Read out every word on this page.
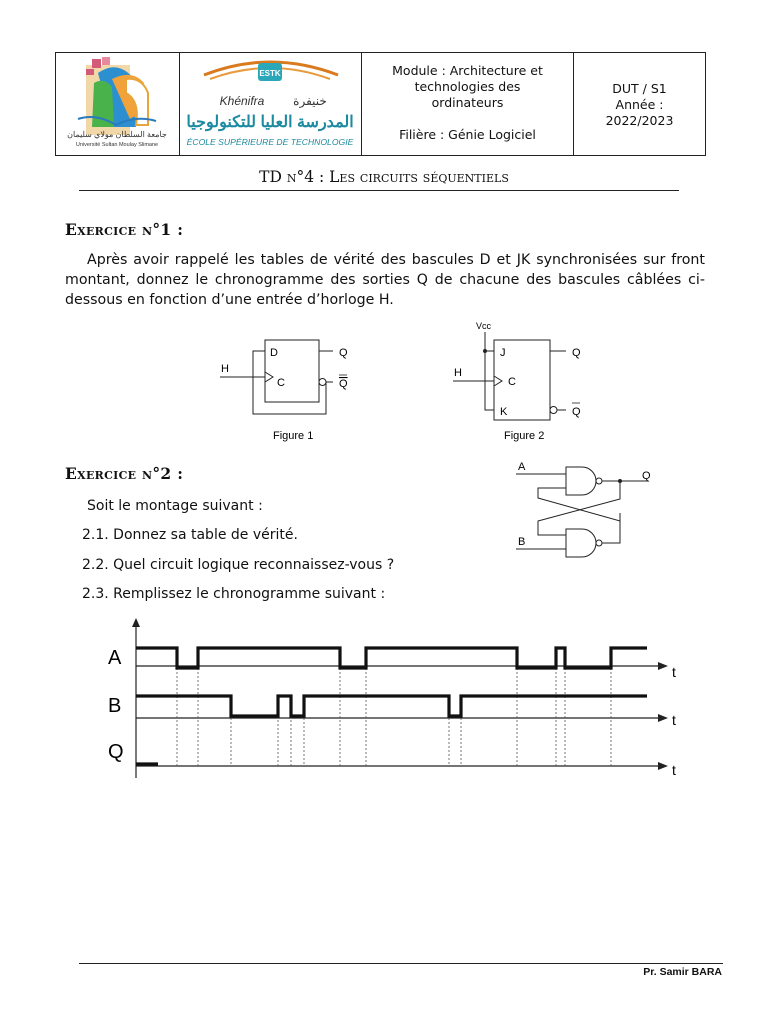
جامعة السلطان مولاي سليمان
Université Sultan Moulay Slimane
ESTK
Khénifra خنيفرة
المدرسة العليا للتكنولوجيا
ÉCOLE SUPÉRIEURE DE TECHNOLOGIE
Module : Architecture et
technologies des
ordinateurs
Filière : Génie Logiciel
DUT / S1
Année :
2022/2023
TD n°4 : Les circuits séquentiels
Exercice n°1 :
Après avoir rappelé les tables de vérité des bascules D et JK synchronisées sur front montant, donnez le chronogramme des sorties Q de chacune des bascules câblées ci-dessous en fonction d’une entrée d’horloge H.
D
C
Q
Q
H
Figure 1
Vcc
J
C
K
Q
Q
H
Figure 2
Exercice n°2 :
Soit le montage suivant :
2.1. Donnez sa table de vérité.
2.2. Quel circuit logique reconnaissez-vous ?
2.3. Remplissez le chronogramme suivant :
A
B
Q
A
B
Q
t
t
t
Pr. Samir BARA
